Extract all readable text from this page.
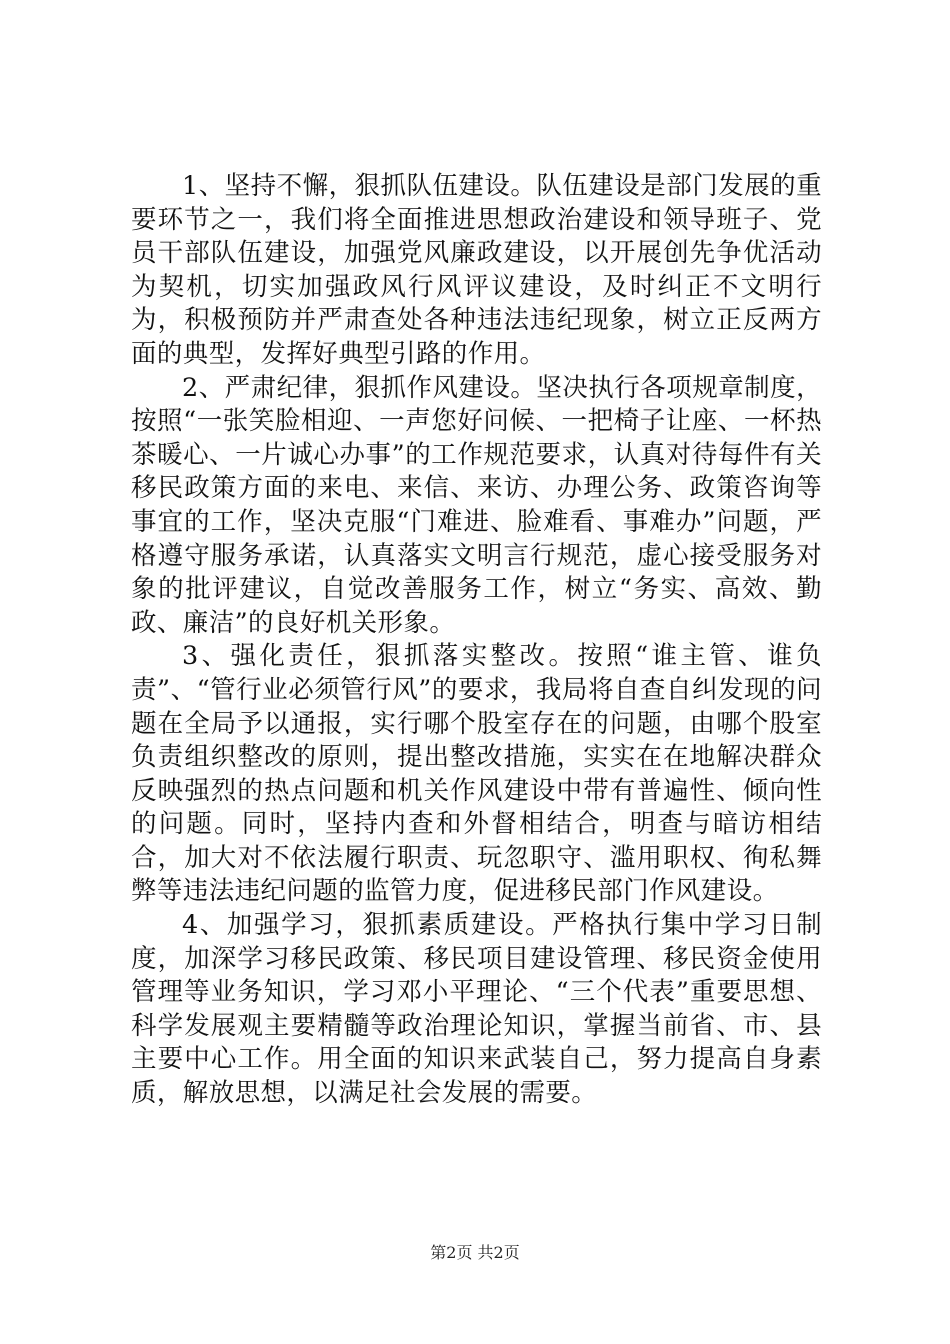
1、坚持不懈，狠抓队伍建设。队伍建设是部门发展的重要环节之一，我们将全面推进思想政治建设和领导班子、党员干部队伍建设，加强党风廉政建设，以开展创先争优活动为契机，切实加强政风行风评议建设，及时纠正不文明行为，积极预防并严肃查处各种违法违纪现象，树立正反两方面的典型，发挥好典型引路的作用。

2、严肃纪律，狠抓作风建设。坚决执行各项规章制度，按照“一张笑脸相迎、一声您好问候、一把椅子让座、一杯热茶暖心、一片诚心办事”的工作规范要求，认真对待每件有关移民政策方面的来电、来信、来访、办理公务、政策咨询等事宜的工作，坚决克服“门难进、脸难看、事难办”问题，严格遵守服务承诺，认真落实文明言行规范，虚心接受服务对象的批评建议，自觉改善服务工作，树立“务实、高效、勤政、廉洁”的良好机关形象。

3、强化责任，狠抓落实整改。按照“谁主管、谁负责”、“管行业必须管行风”的要求，我局将自查自纠发现的问题在全局予以通报，实行哪个股室存在的问题，由哪个股室负责组织整改的原则，提出整改措施，实实在在地解决群众反映强烈的热点问题和机关作风建设中带有普遍性、倾向性的问题。同时，坚持内查和外督相结合，明查与暗访相结合，加大对不依法履行职责、玩忽职守、滥用职权、徇私舞弊等违法违纪问题的监管力度，促进移民部门作风建设。

4、加强学习，狠抓素质建设。严格执行集中学习日制度，加深学习移民政策、移民项目建设管理、移民资金使用管理等业务知识，学习邓小平理论、“三个代表”重要思想、科学发展观主要精髓等政治理论知识，掌握当前省、市、县主要中心工作。用全面的知识来武装自己，努力提高自身素质，解放思想，以满足社会发展的需要。

第2页 共2页
